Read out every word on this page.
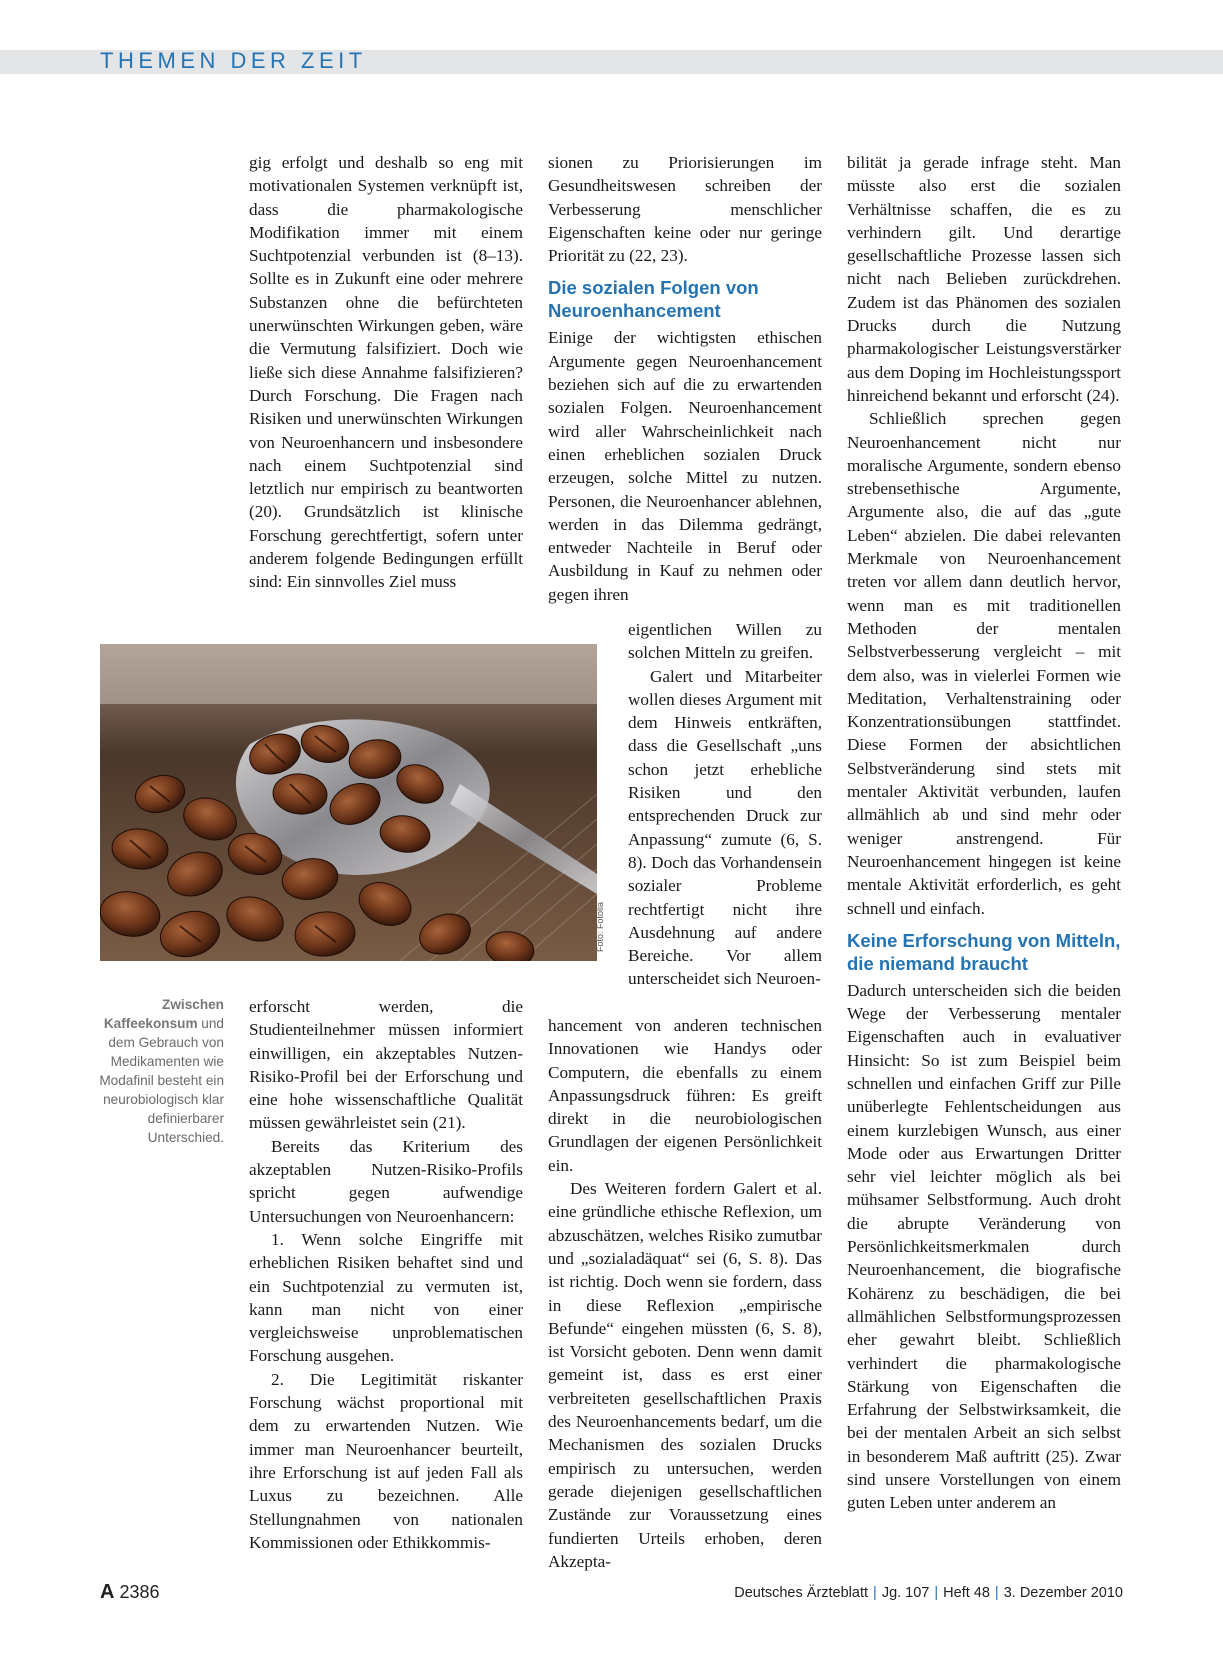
THEMEN DER ZEIT

gig erfolgt und deshalb so eng mit motivationalen Systemen verknüpft ist, dass die pharmakologische Modifikation immer mit einem Suchtpotenzial verbunden ist (8–13). Sollte es in Zukunft eine oder mehrere Substanzen ohne die befürchteten unerwünschten Wirkungen geben, wäre die Vermutung falsifiziert. Doch wie ließe sich diese Annahme falsifizieren? Durch Forschung. Die Fragen nach Risiken und unerwünschten Wirkungen von Neuroenhancern und insbesondere nach einem Suchtpotenzial sind letztlich nur empirisch zu beantworten (20). Grundsätzlich ist klinische Forschung gerechtfertigt, sofern unter anderem folgende Bedingungen erfüllt sind: Ein sinnvolles Ziel muss

Foto: Fotolia
Zwischen Kaffeekonsum und dem Gebrauch von Medikamenten wie Modafinil besteht ein neurobiologisch klar definierbarer Unterschied.

erforscht werden, die Studienteilnehmer müssen informiert einwilligen, ein akzeptables Nutzen-Risiko-Profil bei der Erforschung und eine hohe wissenschaftliche Qualität müssen gewährleistet sein (21).

Bereits das Kriterium des akzeptablen Nutzen-Risiko-Profils spricht gegen aufwendige Untersuchungen von Neuroenhancern:

1. Wenn solche Eingriffe mit erheblichen Risiken behaftet sind und ein Suchtpotenzial zu vermuten ist, kann man nicht von einer vergleichsweise unproblematischen Forschung ausgehen.

2. Die Legitimität riskanter Forschung wächst proportional mit dem zu erwartenden Nutzen. Wie immer man Neuroenhancer beurteilt, ihre Erforschung ist auf jeden Fall als Luxus zu bezeichnen. Alle Stellungnahmen von nationalen Kommissionen oder Ethikkommis-

sionen zu Priorisierungen im Gesundheitswesen schreiben der Verbesserung menschlicher Eigenschaften keine oder nur geringe Priorität zu (22, 23).

Die sozialen Folgen von Neuroenhancement

Einige der wichtigsten ethischen Argumente gegen Neuroenhancement beziehen sich auf die zu erwartenden sozialen Folgen. Neuroenhancement wird aller Wahrscheinlichkeit nach einen erheblichen sozialen Druck erzeugen, solche Mittel zu nutzen. Personen, die Neuroenhancer ablehnen, werden in das Dilemma gedrängt, entweder Nachteile in Beruf oder Ausbildung in Kauf zu nehmen oder gegen ihren

eigentlichen Willen zu solchen Mitteln zu greifen.

Galert und Mitarbeiter wollen dieses Argument mit dem Hinweis entkräften, dass die Gesellschaft „uns schon jetzt erhebliche Risiken und den entsprechenden Druck zur Anpassung“ zumute (6, S. 8). Doch das Vorhandensein sozialer Probleme rechtfertigt nicht ihre Ausdehnung auf andere Bereiche. Vor allem unterscheidet sich Neuroen-

hancement von anderen technischen Innovationen wie Handys oder Computern, die ebenfalls zu einem Anpassungsdruck führen: Es greift direkt in die neurobiologischen Grundlagen der eigenen Persönlichkeit ein.

Des Weiteren fordern Galert et al. eine gründliche ethische Reflexion, um abzuschätzen, welches Risiko zumutbar und „sozialadäquat“ sei (6, S. 8). Das ist richtig. Doch wenn sie fordern, dass in diese Reflexion „empirische Befunde“ eingehen müssten (6, S. 8), ist Vorsicht geboten. Denn wenn damit gemeint ist, dass es erst einer verbreiteten gesellschaftlichen Praxis des Neuroenhancements bedarf, um die Mechanismen des sozialen Drucks empirisch zu untersuchen, werden gerade diejenigen gesellschaftlichen Zustände zur Voraussetzung eines fundierten Urteils erhoben, deren Akzepta-

bilität ja gerade infrage steht. Man müsste also erst die sozialen Verhältnisse schaffen, die es zu verhindern gilt. Und derartige gesellschaftliche Prozesse lassen sich nicht nach Belieben zurückdrehen. Zudem ist das Phänomen des sozialen Drucks durch die Nutzung pharmakologischer Leistungsverstärker aus dem Doping im Hochleistungssport hinreichend bekannt und erforscht (24).

Schließlich sprechen gegen Neuroenhancement nicht nur moralische Argumente, sondern ebenso strebensethische Argumente, Argumente also, die auf das „gute Leben“ abzielen. Die dabei relevanten Merkmale von Neuroenhancement treten vor allem dann deutlich hervor, wenn man es mit traditionellen Methoden der mentalen Selbstverbesserung vergleicht – mit dem also, was in vielerlei Formen wie Meditation, Verhaltenstraining oder Konzentrationsübungen stattfindet. Diese Formen der absichtlichen Selbstveränderung sind stets mit mentaler Aktivität verbunden, laufen allmählich ab und sind mehr oder weniger anstrengend. Für Neuroenhancement hingegen ist keine mentale Aktivität erforderlich, es geht schnell und einfach.

Keine Erforschung von Mitteln, die niemand braucht

Dadurch unterscheiden sich die beiden Wege der Verbesserung mentaler Eigenschaften auch in evaluativer Hinsicht: So ist zum Beispiel beim schnellen und einfachen Griff zur Pille unüberlegte Fehlentscheidungen aus einem kurzlebigen Wunsch, aus einer Mode oder aus Erwartungen Dritter sehr viel leichter möglich als bei mühsamer Selbstformung. Auch droht die abrupte Veränderung von Persönlichkeitsmerkmalen durch Neuroenhancement, die biografische Kohärenz zu beschädigen, die bei allmählichen Selbstformungsprozessen eher gewahrt bleibt. Schließlich verhindert die pharmakologische Stärkung von Eigenschaften die Erfahrung der Selbstwirksamkeit, die bei der mentalen Arbeit an sich selbst in besonderem Maß auftritt (25). Zwar sind unsere Vorstellungen von einem guten Leben unter anderem an

A 2386	Deutsches Ärzteblatt | Jg. 107 | Heft 48 | 3. Dezember 2010
